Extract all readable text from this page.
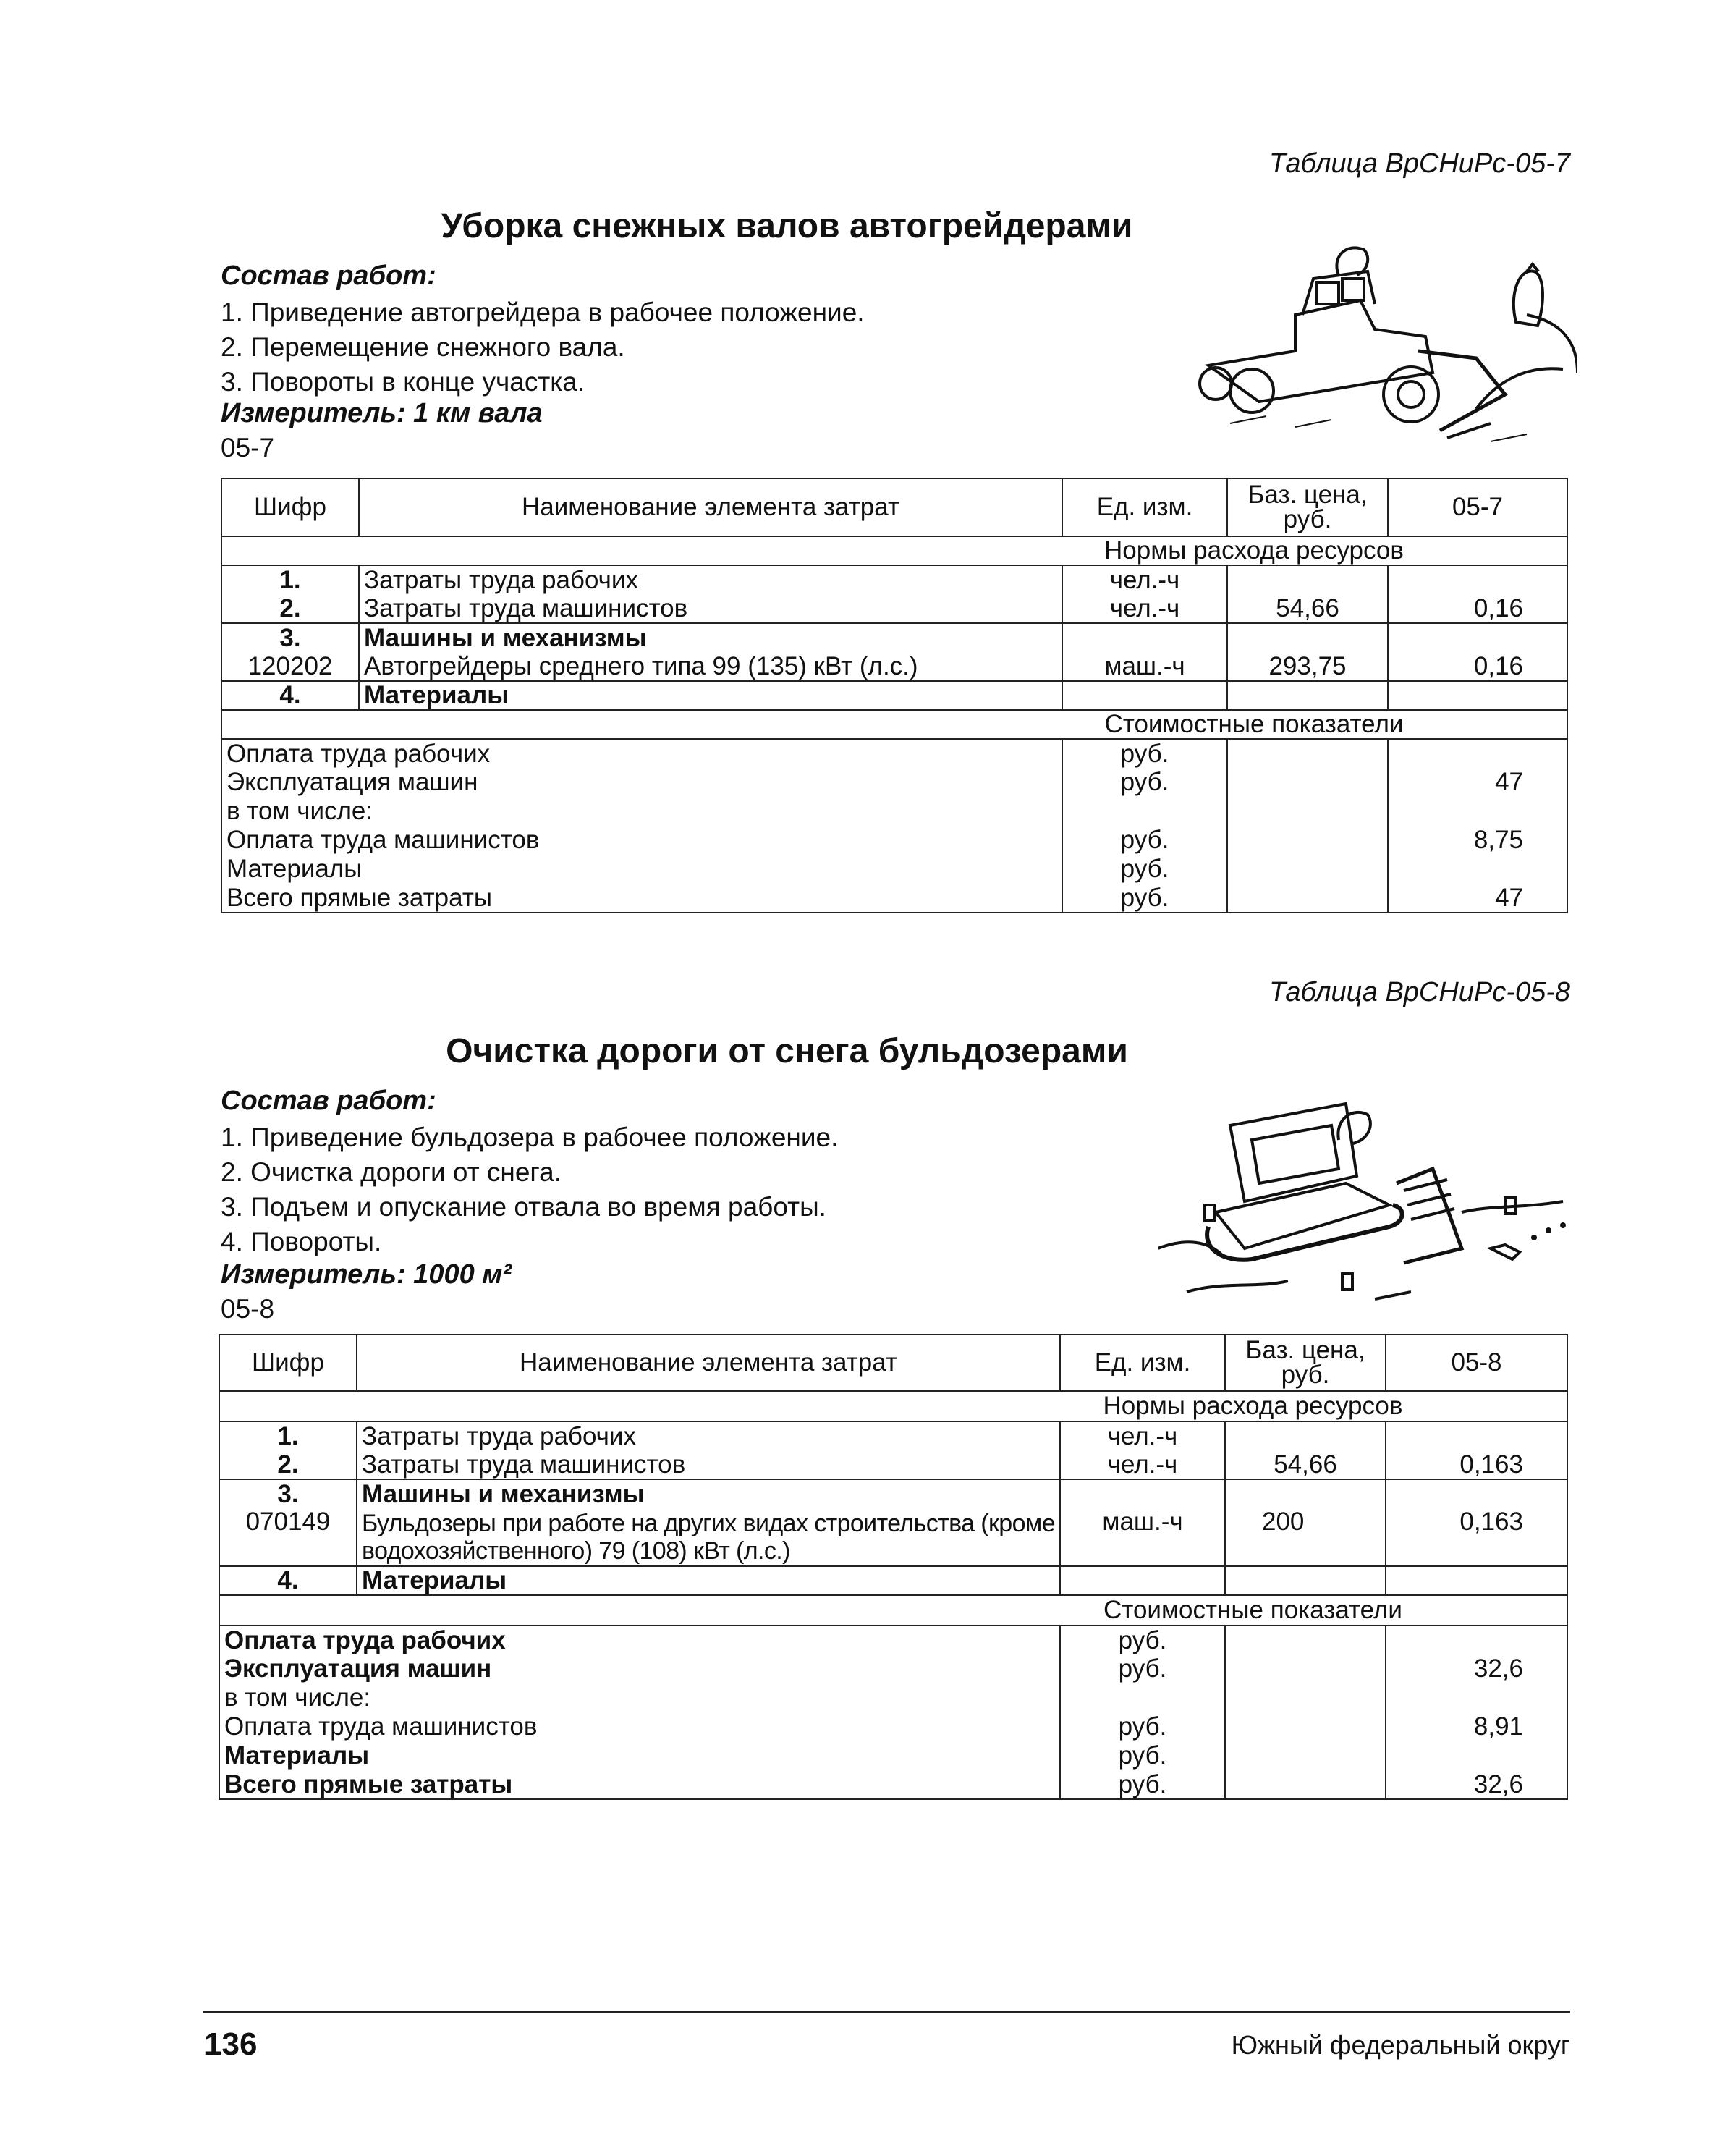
Таблица ВрСНиРс-05-7
Уборка снежных валов автогрейдерами
Состав работ:
1. Приведение автогрейдера в рабочее положение.
2. Перемещение снежного вала.
3. Повороты в конце участка.
Измеритель: 1 км вала
05-7
Шифр	Наименование элемента затрат	Ед. изм.	Баз. цена, руб.	05-7
Нормы расхода ресурсов				
1.	Затраты труда рабочих	чел.-ч		
2.	Затраты труда машинистов	чел.-ч	54,66	0,16
3.	Машины и механизмы			
120202	Автогрейдеры среднего типа 99 (135) кВт (л.с.)	маш.-ч	293,75	0,16
4.	Материалы			
Стоимостные показатели				
Оплата труда рабочих		руб.		
Эксплуатация машин		руб.		47
в том числе:				
Оплата труда машинистов		руб.		8,75
Материалы		руб.		
Всего прямые затраты		руб.		47
Таблица ВрСНиРс-05-8
Очистка дороги от снега бульдозерами
Состав работ:
1. Приведение бульдозера в рабочее положение.
2. Очистка дороги от снега.
3. Подъем и опускание отвала во время работы.
4. Повороты.
Измеритель: 1000 м²
05-8
Шифр	Наименование элемента затрат	Ед. изм.	Баз. цена, руб.	05-8
Нормы расхода ресурсов				
1.	Затраты труда рабочих	чел.-ч		
2.	Затраты труда машинистов	чел.-ч	54,66	0,163
3.	Машины и механизмы			
070149	Бульдозеры при работе на других видах строительства (кроме водохозяйственного) 79 (108) кВт (л.с.)	маш.-ч	200	0,163
4.	Материалы			
Стоимостные показатели				
Оплата труда рабочих		руб.		
Эксплуатация машин		руб.		32,6
в том числе:				
Оплата труда машинистов		руб.		8,91
Материалы		руб.		
Всего прямые затраты		руб.		32,6
136	Южный федеральный округ
